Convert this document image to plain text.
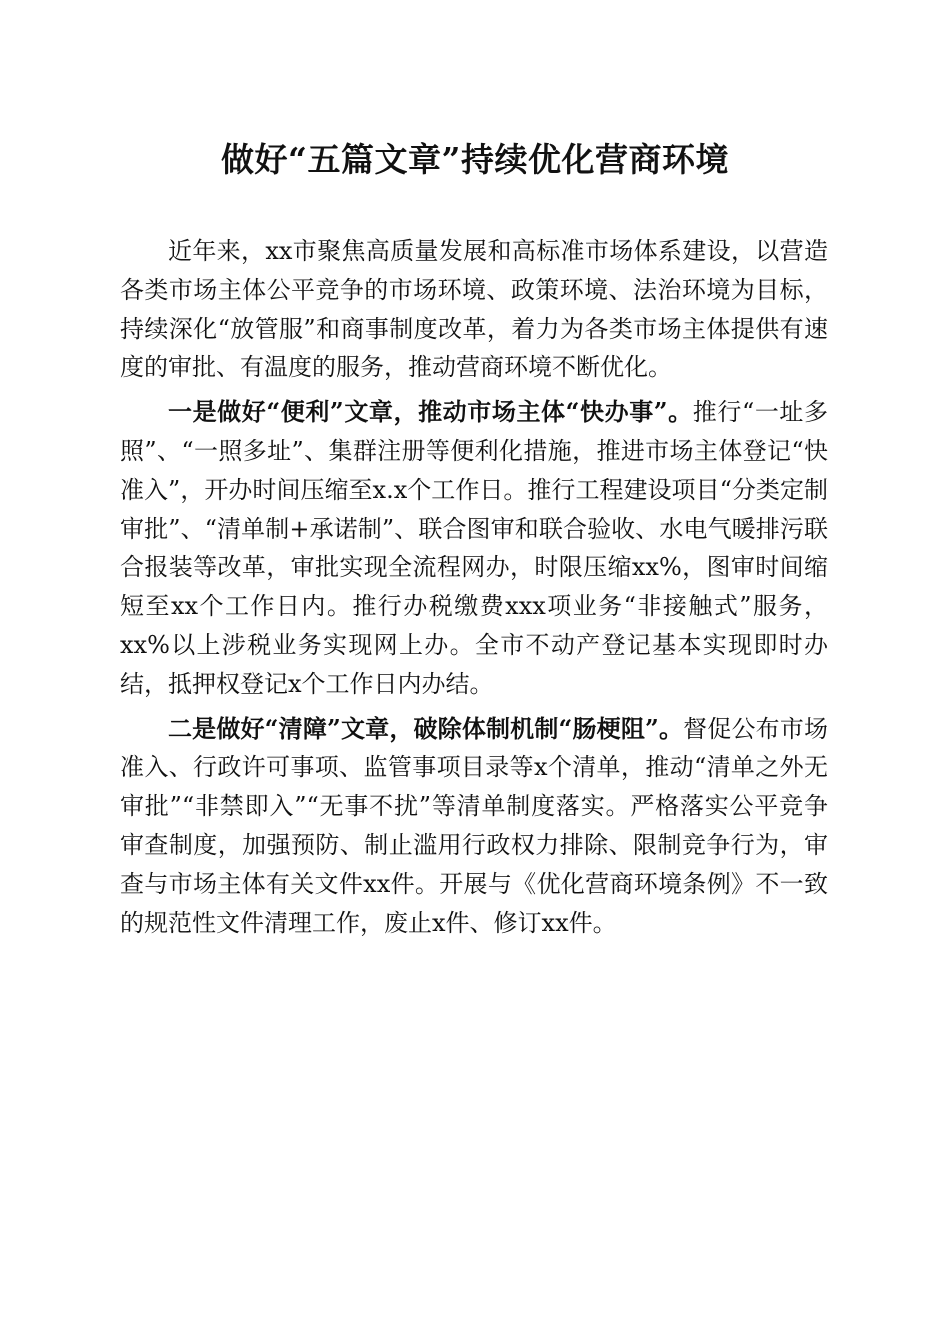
做好“五篇文章”持续优化营商环境

近年来，xx市聚焦高质量发展和高标准市场体系建设，以营造各类市场主体公平竞争的市场环境、政策环境、法治环境为目标，持续深化“放管服”和商事制度改革，着力为各类市场主体提供有速度的审批、有温度的服务，推动营商环境不断优化。

一是做好“便利”文章，推动市场主体“快办事”。推行“一址多照”、“一照多址”、集群注册等便利化措施，推进市场主体登记“快准入”，开办时间压缩至x.x个工作日。推行工程建设项目“分类定制审批”、“清单制+承诺制”、联合图审和联合验收、水电气暖排污联合报装等改革，审批实现全流程网办，时限压缩xx%，图审时间缩短至xx个工作日内。推行办税缴费xxx项业务“非接触式”服务，xx%以上涉税业务实现网上办。全市不动产登记基本实现即时办结，抵押权登记x个工作日内办结。

二是做好“清障”文章，破除体制机制“肠梗阻”。督促公布市场准入、行政许可事项、监管事项目录等x个清单，推动“清单之外无审批”“非禁即入”“无事不扰”等清单制度落实。严格落实公平竞争审查制度，加强预防、制止滥用行政权力排除、限制竞争行为，审查与市场主体有关文件xx件。开展与《优化营商环境条例》不一致的规范性文件清理工作，废止x件、修订xx件。
